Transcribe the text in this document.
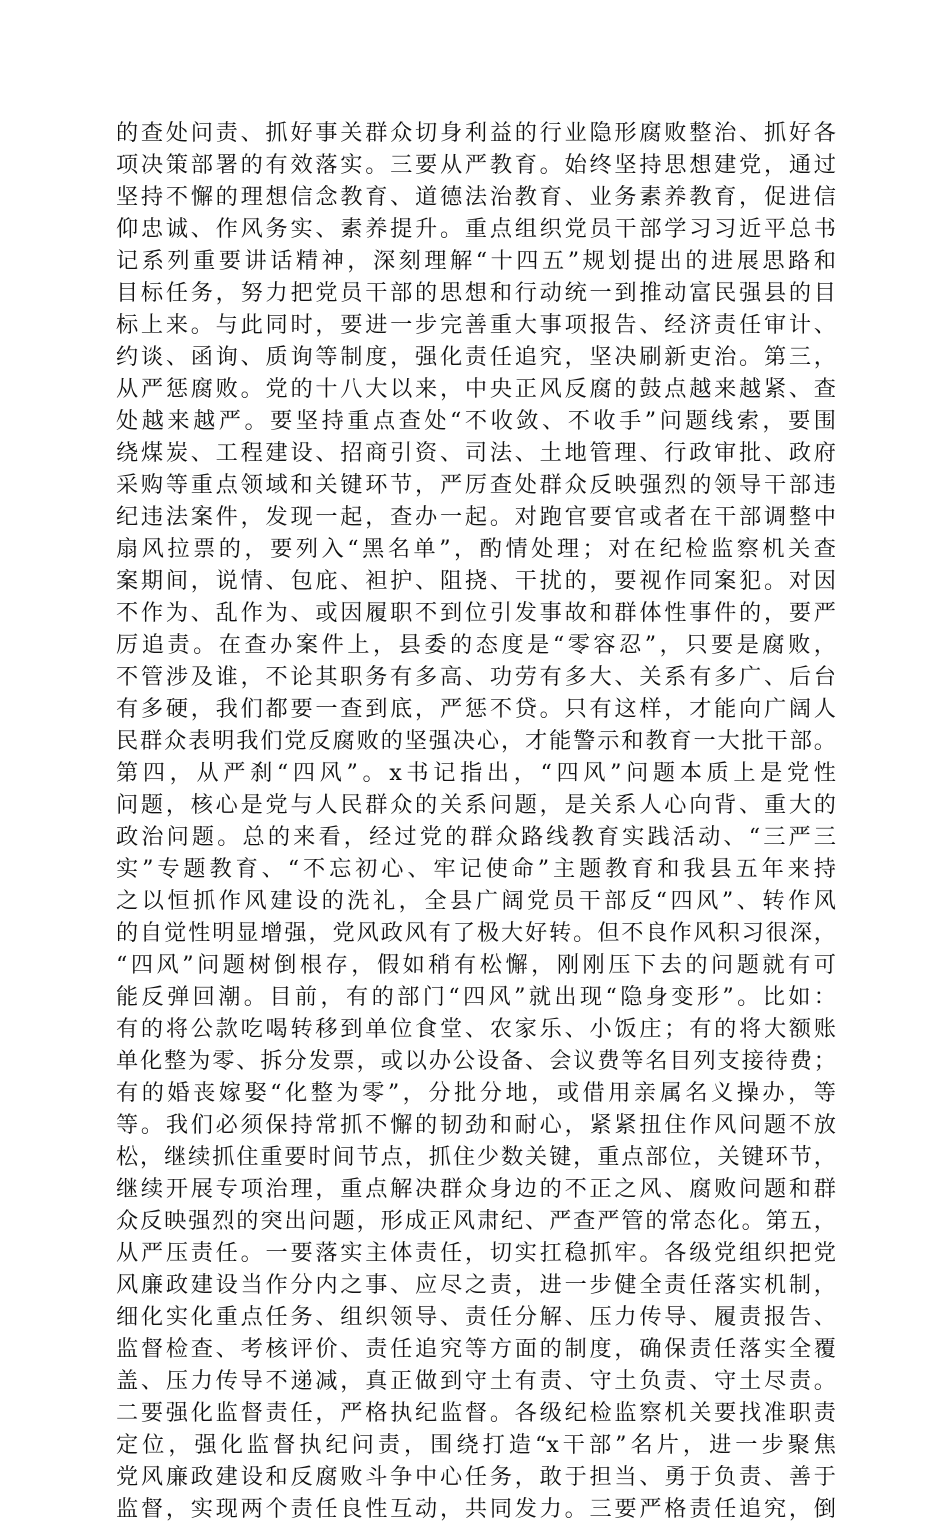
的查处问责、抓好事关群众切身利益的行业隐形腐败整治、抓好各
项决策部署的有效落实。三要从严教育。始终坚持思想建党，通过
坚持不懈的理想信念教育、道德法治教育、业务素养教育，促进信
仰忠诚、作风务实、素养提升。重点组织党员干部学习习近平总书
记系列重要讲话精神，深刻理解“十四五”规划提出的进展思路和
目标任务，努力把党员干部的思想和行动统一到推动富民强县的目
标上来。与此同时，要进一步完善重大事项报告、经济责任审计、
约谈、函询、质询等制度，强化责任追究，坚决刷新吏治。第三，
从严惩腐败。党的十八大以来，中央正风反腐的鼓点越来越紧、查
处越来越严。要坚持重点查处“不收敛、不收手”问题线索，要围
绕煤炭、工程建设、招商引资、司法、土地管理、行政审批、政府
采购等重点领域和关键环节，严厉查处群众反映强烈的领导干部违
纪违法案件，发现一起，查办一起。对跑官要官或者在干部调整中
扇风拉票的，要列入“黑名单”，酌情处理；对在纪检监察机关查
案期间，说情、包庇、袒护、阻挠、干扰的，要视作同案犯。对因
不作为、乱作为、或因履职不到位引发事故和群体性事件的，要严
厉追责。在查办案件上，县委的态度是“零容忍”，只要是腐败，
不管涉及谁，不论其职务有多高、功劳有多大、关系有多广、后台
有多硬，我们都要一查到底，严惩不贷。只有这样，才能向广阔人
民群众表明我们党反腐败的坚强决心，才能警示和教育一大批干部。
第四，从严刹“四风”。x书记指出，“四风”问题本质上是党性
问题，核心是党与人民群众的关系问题，是关系人心向背、重大的
政治问题。总的来看，经过党的群众路线教育实践活动、“三严三
实”专题教育、“不忘初心、牢记使命”主题教育和我县五年来持
之以恒抓作风建设的洗礼，全县广阔党员干部反“四风”、转作风
的自觉性明显增强，党风政风有了极大好转。但不良作风积习很深，
“四风”问题树倒根存，假如稍有松懈，刚刚压下去的问题就有可
能反弹回潮。目前，有的部门“四风”就出现“隐身变形”。比如：
有的将公款吃喝转移到单位食堂、农家乐、小饭庄；有的将大额账
单化整为零、拆分发票，或以办公设备、会议费等名目列支接待费；
有的婚丧嫁娶“化整为零”，分批分地，或借用亲属名义操办，等
等。我们必须保持常抓不懈的韧劲和耐心，紧紧扭住作风问题不放
松，继续抓住重要时间节点，抓住少数关键，重点部位，关键环节，
继续开展专项治理，重点解决群众身边的不正之风、腐败问题和群
众反映强烈的突出问题，形成正风肃纪、严查严管的常态化。第五，
从严压责任。一要落实主体责任，切实扛稳抓牢。各级党组织把党
风廉政建设当作分内之事、应尽之责，进一步健全责任落实机制，
细化实化重点任务、组织领导、责任分解、压力传导、履责报告、
监督检查、考核评价、责任追究等方面的制度，确保责任落实全覆
盖、压力传导不递减，真正做到守土有责、守土负责、守土尽责。
二要强化监督责任，严格执纪监督。各级纪检监察机关要找准职责
定位，强化监督执纪问责，围绕打造“x干部”名片，进一步聚焦
党风廉政建设和反腐败斗争中心任务，敢于担当、勇于负责、善于
监督，实现两个责任良性互动，共同发力。三要严格责任追究，倒
